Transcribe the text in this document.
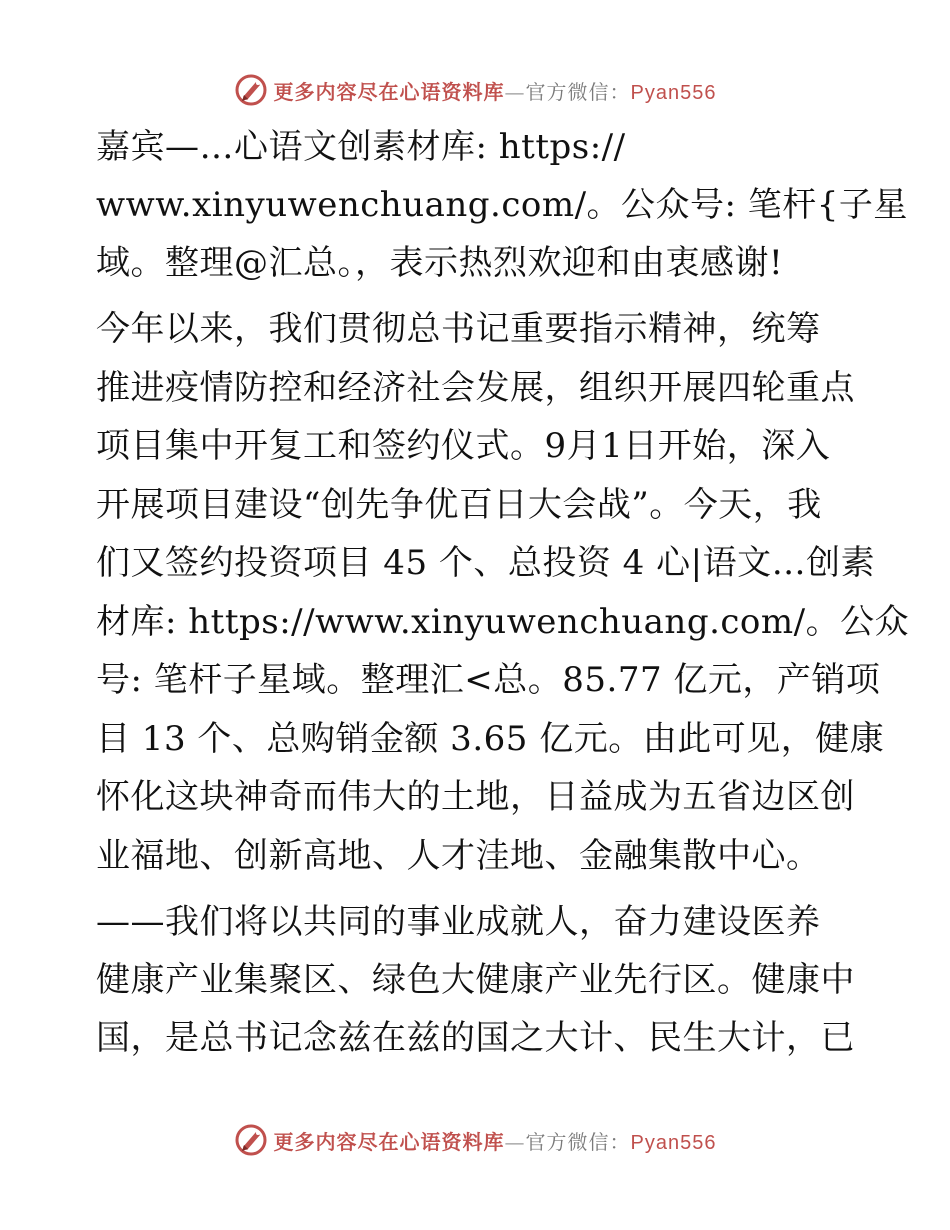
更多内容尽在心语资料库—官方微信：Pyan556
嘉宾—…心语文创素材库: https://
www.xinyuwenchuang.com/。公众号: 笔杆{子星
域。整理@汇总。，表示热烈欢迎和由衷感谢!
今年以来，我们贯彻总书记重要指示精神，统筹
推进疫情防控和经济社会发展，组织开展四轮重点
项目集中开复工和签约仪式。9月1日开始，深入
开展项目建设“创先争优百日大会战”。今天，我
们又签约投资项目 45 个、总投资 4 心|语文…创素
材库: https://www.xinyuwenchuang.com/。公众
号: 笔杆子星域。整理汇<总。85.77 亿元，产销项
目 13 个、总购销金额 3.65 亿元。由此可见，健康
怀化这块神奇而伟大的土地，日益成为五省边区创
业福地、创新高地、人才洼地、金融集散中心。
——我们将以共同的事业成就人，奋力建设医养
健康产业集聚区、绿色大健康产业先行区。健康中
国，是总书记念兹在兹的国之大计、民生大计，已
更多内容尽在心语资料库—官方微信：Pyan556
